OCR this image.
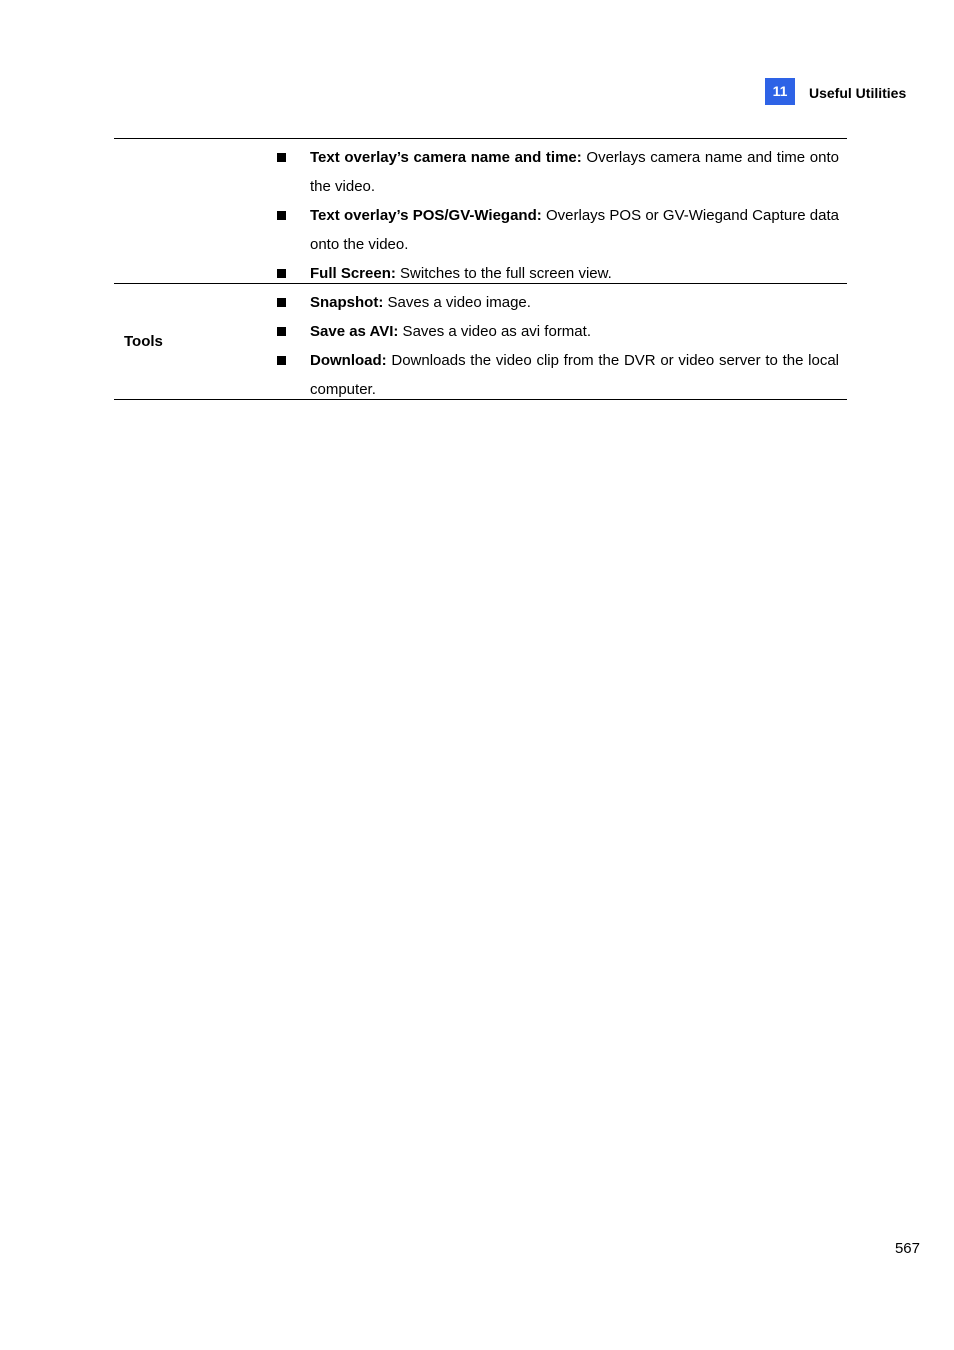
11	Useful Utilities
Text overlay’s camera name and time: Overlays camera name and time onto the video.
Text overlay’s POS/GV-Wiegand: Overlays POS or GV-Wiegand Capture data onto the video.
Full Screen: Switches to the full screen view.
Tools
Snapshot: Saves a video image.
Save as AVI: Saves a video as avi format.
Download: Downloads the video clip from the DVR or video server to the local computer.
567
